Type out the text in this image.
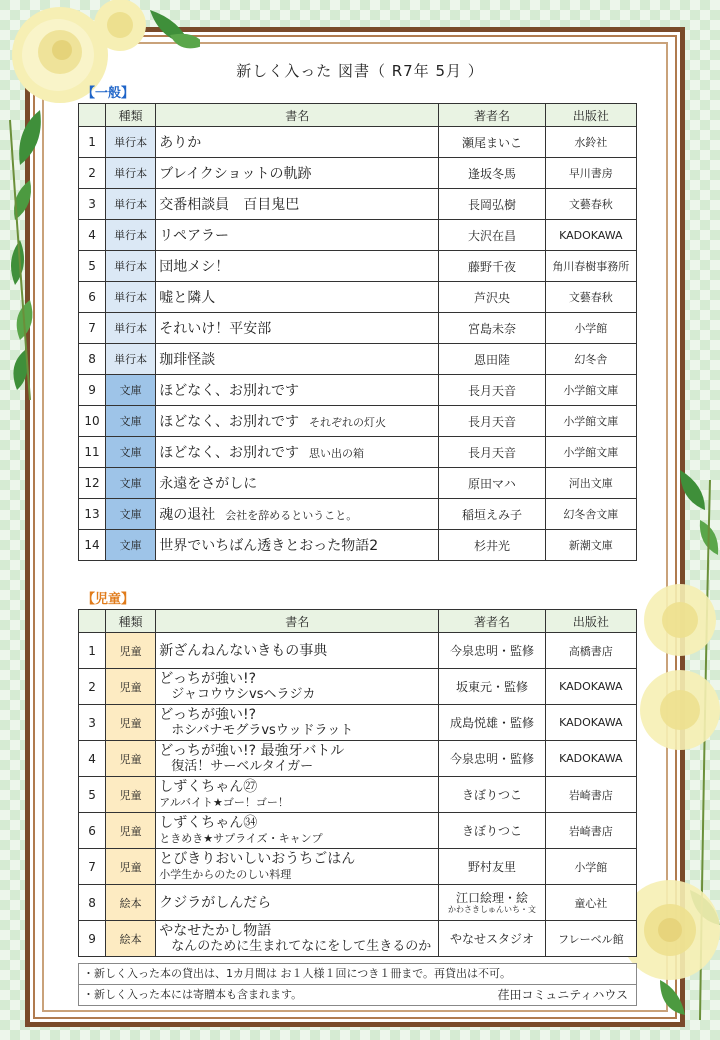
新しく入った 図書（ R7年 5月 ）
【一般】
	種類	書名	著者名	出版社
1	単行本	ありか	瀬尾まいこ	水鈴社
2	単行本	ブレイクショットの軌跡	逢坂冬馬	早川書房
3	単行本	交番相談員　百目鬼巴	長岡弘樹	文藝春秋
4	単行本	リペアラー	大沢在昌	KADOKAWA
5	単行本	団地メシ！	藤野千夜	角川春樹事務所
6	単行本	嘘と隣人	芦沢央	文藝春秋
7	単行本	それいけ！平安部	宮島未奈	小学館
8	単行本	珈琲怪談	恩田陸	幻冬舎
9	文庫	ほどなく、お別れです	長月天音	小学館文庫
10	文庫	ほどなく、お別れです それぞれの灯火	長月天音	小学館文庫
11	文庫	ほどなく、お別れです 思い出の箱	長月天音	小学館文庫
12	文庫	永遠をさがしに	原田マハ	河出文庫
13	文庫	魂の退社 会社を辞めるということ。	稲垣えみ子	幻冬舎文庫
14	文庫	世界でいちばん透きとおった物語2	杉井光	新潮文庫
【児童】
	種類	書名	著者名	出版社
1	児童	新ざんねんないきもの事典	今泉忠明・監修	高橋書店
2	児童	どっちが強い!?
ジャコウウシvsヘラジカ	坂東元・監修	KADOKAWA
3	児童	どっちが強い!?
ホシバナモグラvsウッドラット	成島悦雄・監修	KADOKAWA
4	児童	どっちが強い!? 最強牙バトル
復活！サーベルタイガー	今泉忠明・監修	KADOKAWA
5	児童	しずくちゃん㉗
アルバイト★ゴー！ゴー！	きぼりつこ	岩崎書店
6	児童	しずくちゃん㉞
ときめき★サプライズ・キャンプ	きぼりつこ	岩崎書店
7	児童	とびきりおいしいおうちごはん
小学生からのたのしい料理	野村友里	小学館
8	絵本	クジラがしんだら	江口絵理・絵
かわさきしゅんいち・文	童心社
9	絵本	やなせたかし物語
なんのために生まれてなにをして生きるのか	やなせスタジオ	フレーベル館
・新しく入った本の貸出は、1カ月間は お１人様１回につき１冊まで。再貸出は不可。
・新しく入った本には寄贈本も含まれます。	荏田コミュニティハウス
